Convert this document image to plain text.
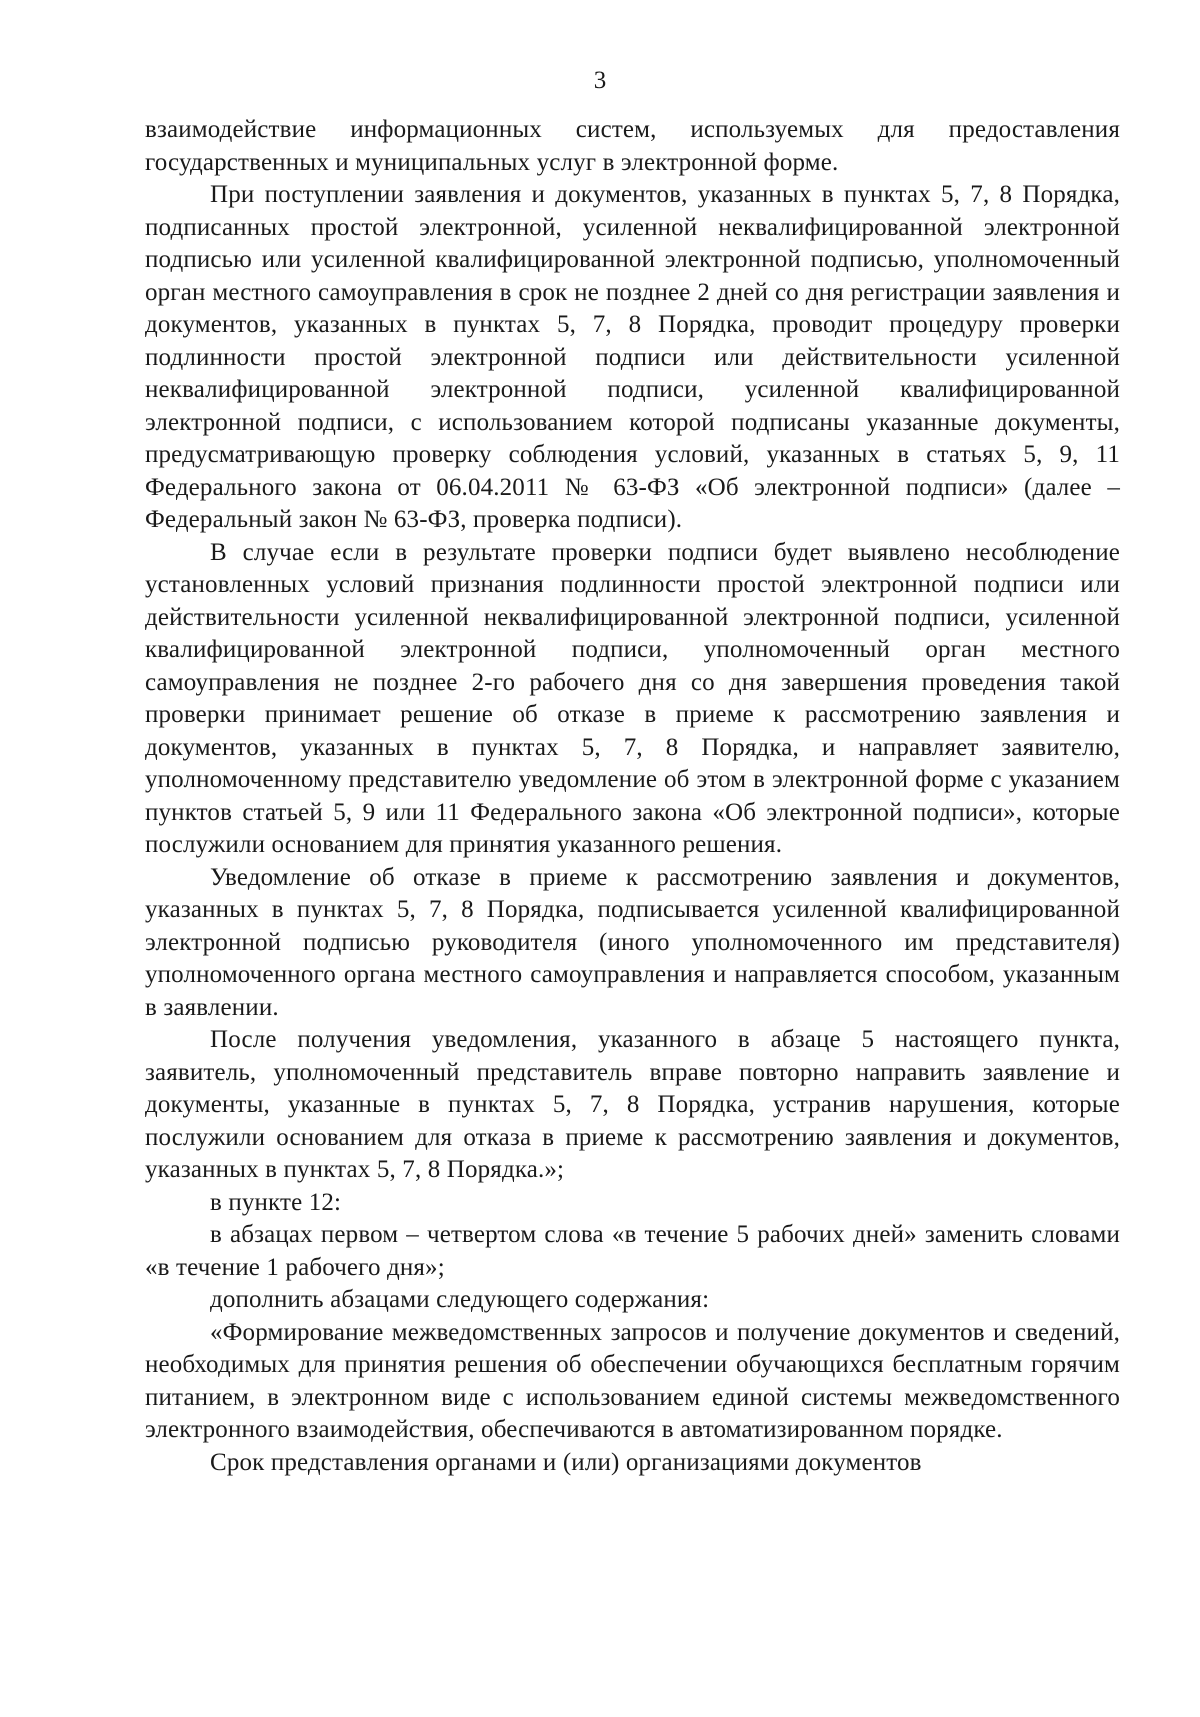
3

взаимодействие информационных систем, используемых для предоставления государственных и муниципальных услуг в электронной форме.

При поступлении заявления и документов, указанных в пунктах 5, 7, 8 Порядка, подписанных простой электронной, усиленной неквалифицированной электронной подписью или усиленной квалифицированной электронной подписью, уполномоченный орган местного самоуправления в срок не позднее 2 дней со дня регистрации заявления и документов, указанных в пунктах 5, 7, 8 Порядка, проводит процедуру проверки подлинности простой электронной подписи или действительности усиленной неквалифицированной электронной подписи, усиленной квалифицированной электронной подписи, с использованием которой подписаны указанные документы, предусматривающую проверку соблюдения условий, указанных в статьях 5, 9, 11 Федерального закона от 06.04.2011 № 63-ФЗ «Об электронной подписи» (далее – Федеральный закон № 63-ФЗ, проверка подписи).

В случае если в результате проверки подписи будет выявлено несоблюдение установленных условий признания подлинности простой электронной подписи или действительности усиленной неквалифицированной электронной подписи, усиленной квалифицированной электронной подписи, уполномоченный орган местного самоуправления не позднее 2-го рабочего дня со дня завершения проведения такой проверки принимает решение об отказе в приеме к рассмотрению заявления и документов, указанных в пунктах 5, 7, 8 Порядка, и направляет заявителю, уполномоченному представителю уведомление об этом в электронной форме с указанием пунктов статьей 5, 9 или 11 Федерального закона «Об электронной подписи», которые послужили основанием для принятия указанного решения.

Уведомление об отказе в приеме к рассмотрению заявления и документов, указанных в пунктах 5, 7, 8 Порядка, подписывается усиленной квалифицированной электронной подписью руководителя (иного уполномоченного им представителя) уполномоченного органа местного самоуправления и направляется способом, указанным в заявлении.

После получения уведомления, указанного в абзаце 5 настоящего пункта, заявитель, уполномоченный представитель вправе повторно направить заявление и документы, указанные в пунктах 5, 7, 8 Порядка, устранив нарушения, которые послужили основанием для отказа в приеме к рассмотрению заявления и документов, указанных в пунктах 5, 7, 8 Порядка.»;

в пункте 12:

в абзацах первом – четвертом слова «в течение 5 рабочих дней» заменить словами «в течение 1 рабочего дня»;

дополнить абзацами следующего содержания:

«Формирование межведомственных запросов и получение документов и сведений, необходимых для принятия решения об обеспечении обучающихся бесплатным горячим питанием, в электронном виде с использованием единой системы межведомственного электронного взаимодействия, обеспечиваются в автоматизированном порядке.

Срок представления органами и (или) организациями документов
